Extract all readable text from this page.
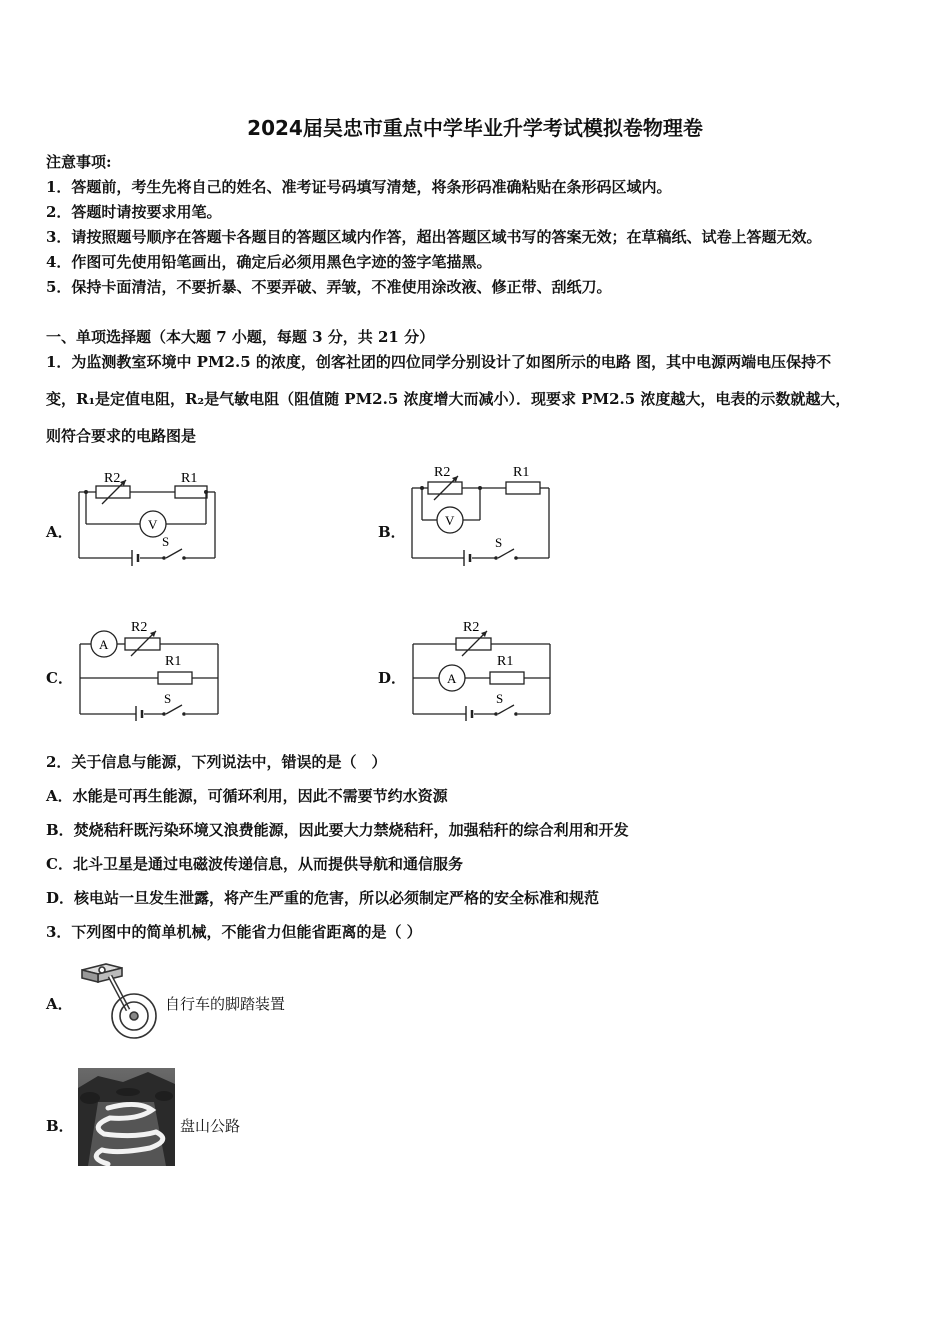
2024届吴忠市重点中学毕业升学考试模拟卷物理卷
注意事项:
1．答题前，考生先将自己的姓名、准考证号码填写清楚，将条形码准确粘贴在条形码区域内。
2．答题时请按要求用笔。
3．请按照题号顺序在答题卡各题目的答题区域内作答，超出答题区域书写的答案无效；在草稿纸、试卷上答题无效。
4．作图可先使用铅笔画出，确定后必须用黑色字迹的签字笔描黑。
5．保持卡面清洁，不要折暴、不要弄破、弄皱，不准使用涂改液、修正带、刮纸刀。
一、单项选择题（本大题 7 小题，每题 3 分，共 21 分）
1．为监测教室环境中 PM2.5 的浓度，创客社团的四位同学分别设计了如图所示的电路 图，其中电源两端电压保持不
变，R₁是定值电阻，R₂是气敏电阻（阻值随 PM2.5 浓度增大而减小）．现要求 PM2.5 浓度越大，电表的示数就越大，
则符合要求的电路图是
A．	B．
C．	D．
R2	R1
V
S
R2	R1
V
S
A
R2
R1
S
A
R2
R1
S
2．关于信息与能源，下列说法中，错误的是（　）
A．水能是可再生能源，可循环利用，因此不需要节约水资源
B．焚烧秸秆既污染环境又浪费能源，因此要大力禁烧秸秆，加强秸秆的综合利用和开发
C．北斗卫星是通过电磁波传递信息，从而提供导航和通信服务
D．核电站一旦发生泄露，将产生严重的危害，所以必须制定严格的安全标准和规范
3．下列图中的简单机械，不能省力但能省距离的是（ ）
A．	自行车的脚踏装置
B．	盘山公路
